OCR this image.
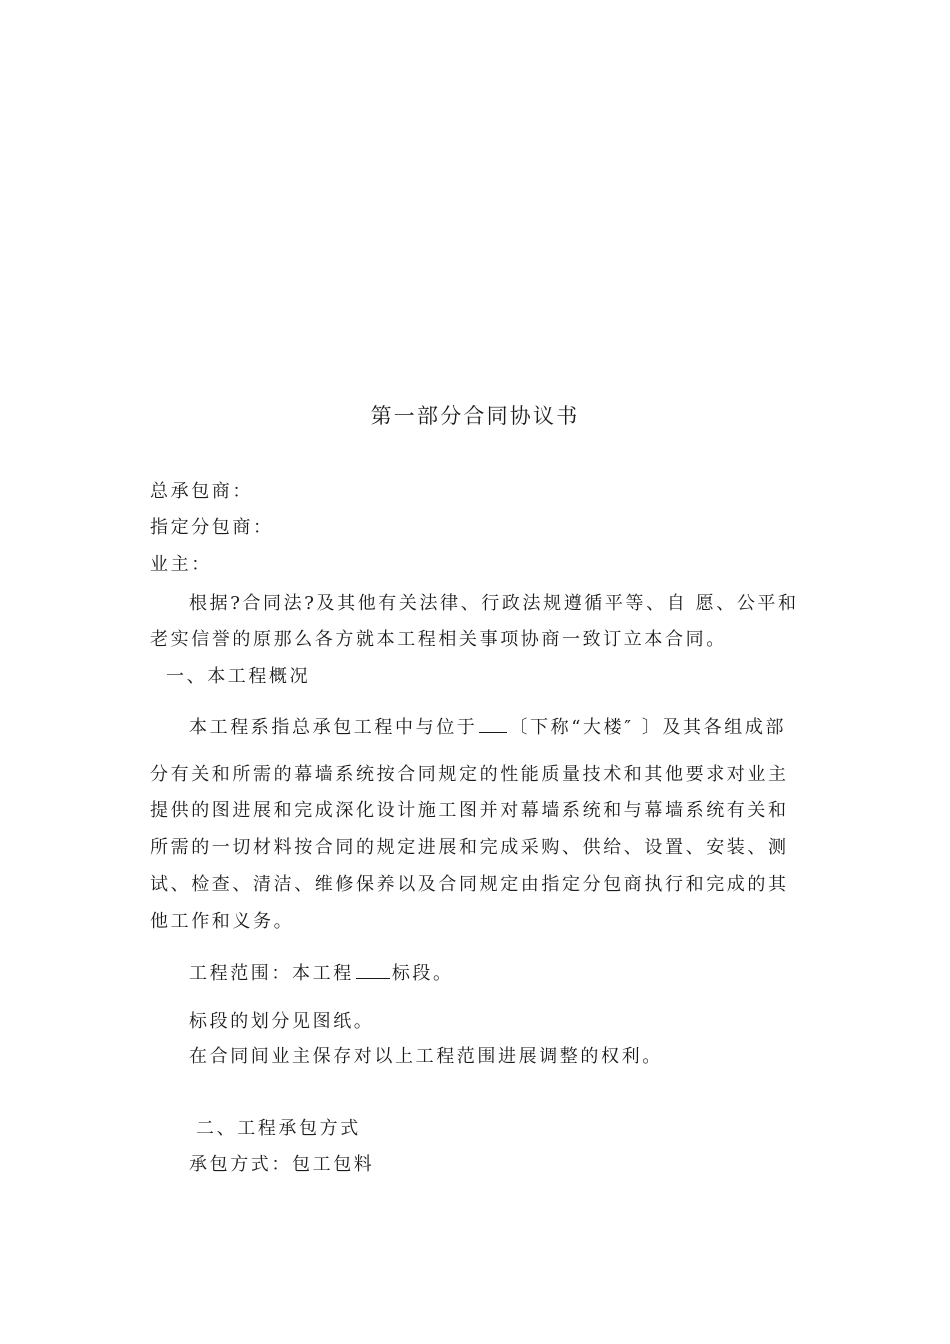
第一部分合同协议书
总承包商：
指定分包商：
业主：
根据?合同法?及其他有关法律、行政法规遵循平等、自 愿、公平和
老实信誉的原那么各方就本工程相关事项协商一致订立本合同。
一、本工程概况
本工程系指总承包工程中与位于 〔下称“大楼″ 〕及其各组成部
分有关和所需的幕墙系统按合同规定的性能质量技术和其他要求对业主
提供的图进展和完成深化设计施工图并对幕墙系统和与幕墙系统有关和
所需的一切材料按合同的规定进展和完成采购、供给、设置、安装、测
试、检查、清洁、维修保养以及合同规定由指定分包商执行和完成的其
他工作和义务。
工程范围：本工程 标段。
标段的划分见图纸。
在合同间业主保存对以上工程范围进展调整的权利。
二、工程承包方式
承包方式：包工包料
